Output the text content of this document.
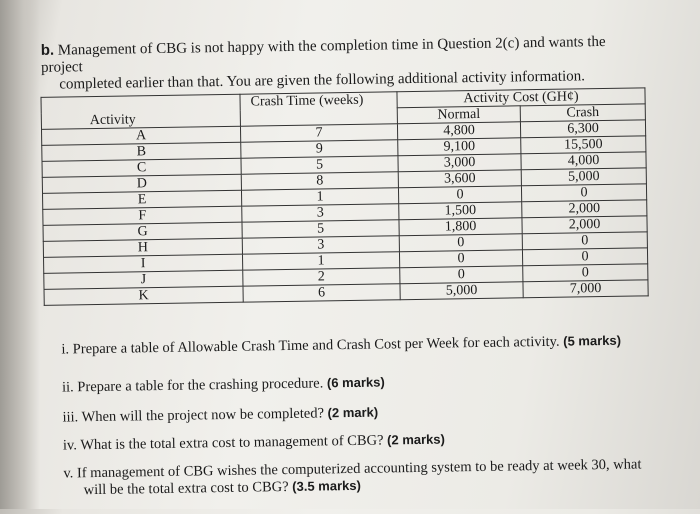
b. Management of CBG is not happy with the completion time in Question 2(c) and wants the project
completed earlier than that. You are given the following additional activity information.
Activity	Crash Time (weeks)	Activity Cost (GH¢)	
		Normal	Crash
A	7	4,800	6,300
B	9	9,100	15,500
C	5	3,000	4,000
D	8	3,600	5,000
E	1	0	0
F	3	1,500	2,000
G	5	1,800	2,000
H	3	0	0
I	1	0	0
J	2	0	0
K	6	5,000	7,000
i. Prepare a table of Allowable Crash Time and Crash Cost per Week for each activity. (5 marks)
ii. Prepare a table for the crashing procedure. (6 marks)
iii. When will the project now be completed? (2 mark)
iv. What is the total extra cost to management of CBG? (2 marks)
v. If management of CBG wishes the computerized accounting system to be ready at week 30, what
will be the total extra cost to CBG? (3.5 marks)
